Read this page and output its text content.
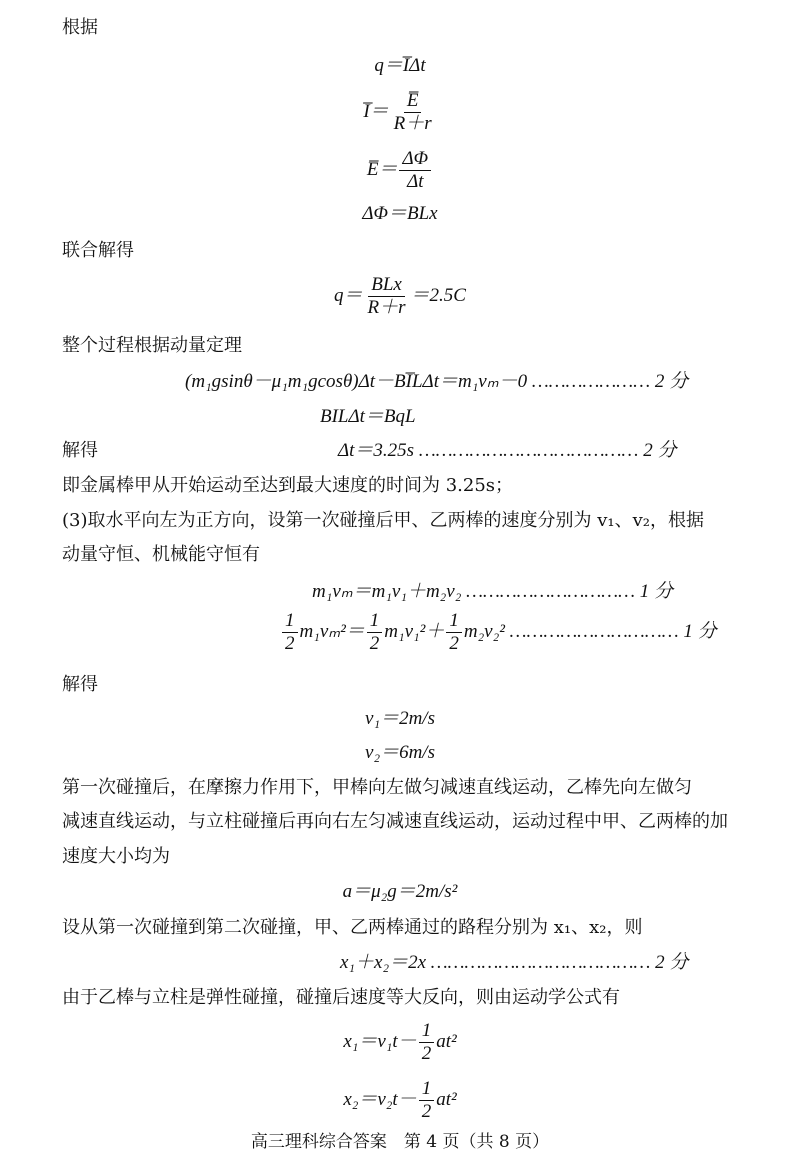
根据
q＝I̅Δt
I̅＝ $\frac{E̅}{R+r}$
E̅＝ $\frac{\Delta\Phi}{\Delta t}$
ΔΦ＝BLx
联合解得
$q= \frac{\text{BLx}}{R+r} =2.5C$
整个过程根据动量定理
(m₁gsinθ－μ₁m₁gcosθ)Δt－BI̅LΔt＝m₁vₘ－0 ………………… 2 分
BILΔt＝BqL
解得	Δt＝3.25s ………………………………… 2 分
即金属棒甲从开始运动至达到最大速度的时间为 3.25s；
(3)取水平向左为正方向，设第一次碰撞后甲、乙两棒的速度分别为 v₁、v₂，根据
动量守恒、机械能守恒有
m₁vₘ＝m₁v₁＋m₂v₂ ………………………… 1 分
$\frac{1}{2} m_1v_m^2= \frac{1}{2} m_1v_1^2+ \frac{1}{2} m_2v_2^2$ ………………………… 1 分
解得
v₁＝2m/s
v₂＝6m/s
第一次碰撞后，在摩擦力作用下，甲棒向左做匀减速直线运动，乙棒先向左做匀
减速直线运动，与立柱碰撞后再向右左匀减速直线运动，运动过程中甲、乙两棒的加
速度大小均为
a＝μ₂g＝2m/s²
设从第一次碰撞到第二次碰撞，甲、乙两棒通过的路程分别为 x₁、x₂，则
x₁＋x₂＝2x ………………………………… 2 分
由于乙棒与立柱是弹性碰撞，碰撞后速度等大反向，则由运动学公式有
$x_1=v_1t- \frac{1}{2} at^2$
$x_2=v_2t- \frac{1}{2} at^2$
高三理科综合答案　第 4 页（共 8 页）
